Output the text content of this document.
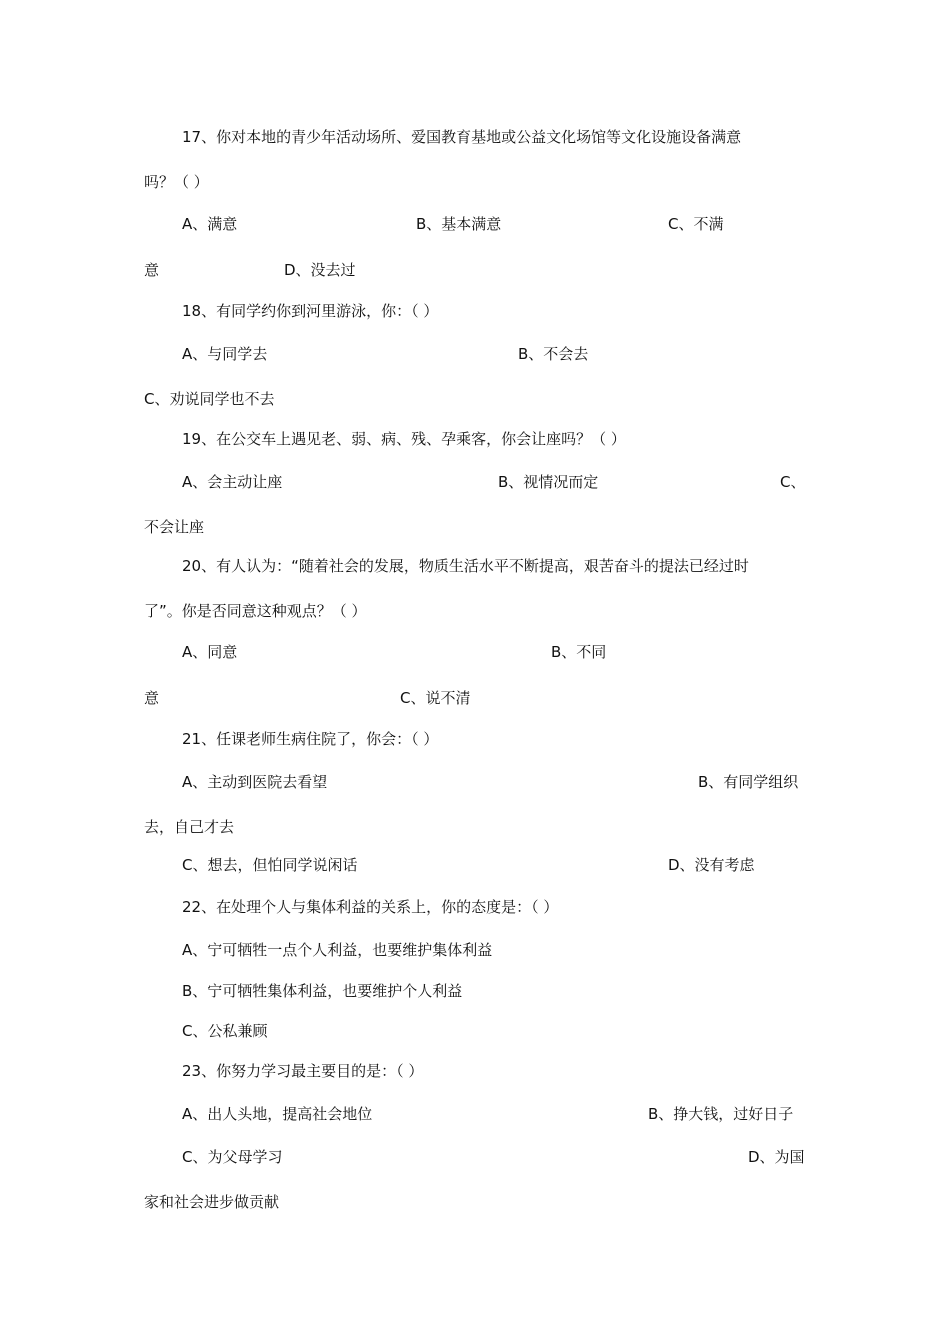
17、你对本地的青少年活动场所、爱国教育基地或公益文化场馆等文化设施设备满意
吗？（ ）
A、满意	B、基本满意	C、不满
意	D、没去过
18、有同学约你到河里游泳，你：（ ）
A、与同学去	B、不会去
C、劝说同学也不去
19、在公交车上遇见老、弱、病、残、孕乘客，你会让座吗？（ ）
A、会主动让座	B、视情况而定	C、
不会让座
20、有人认为：“随着社会的发展，物质生活水平不断提高，艰苦奋斗的提法已经过时
了”。你是否同意这种观点？（ ）
A、同意	B、不同
意	C、说不清
21、任课老师生病住院了，你会：（ ）
A、主动到医院去看望	B、有同学组织
去，自己才去
C、想去，但怕同学说闲话	D、没有考虑
22、在处理个人与集体利益的关系上，你的态度是：（ ）
A、宁可牺牲一点个人利益，也要维护集体利益
B、宁可牺牲集体利益，也要维护个人利益
C、公私兼顾
23、你努力学习最主要目的是：（ ）
A、出人头地，提高社会地位	B、挣大钱，过好日子
C、为父母学习	D、为国
家和社会进步做贡献
